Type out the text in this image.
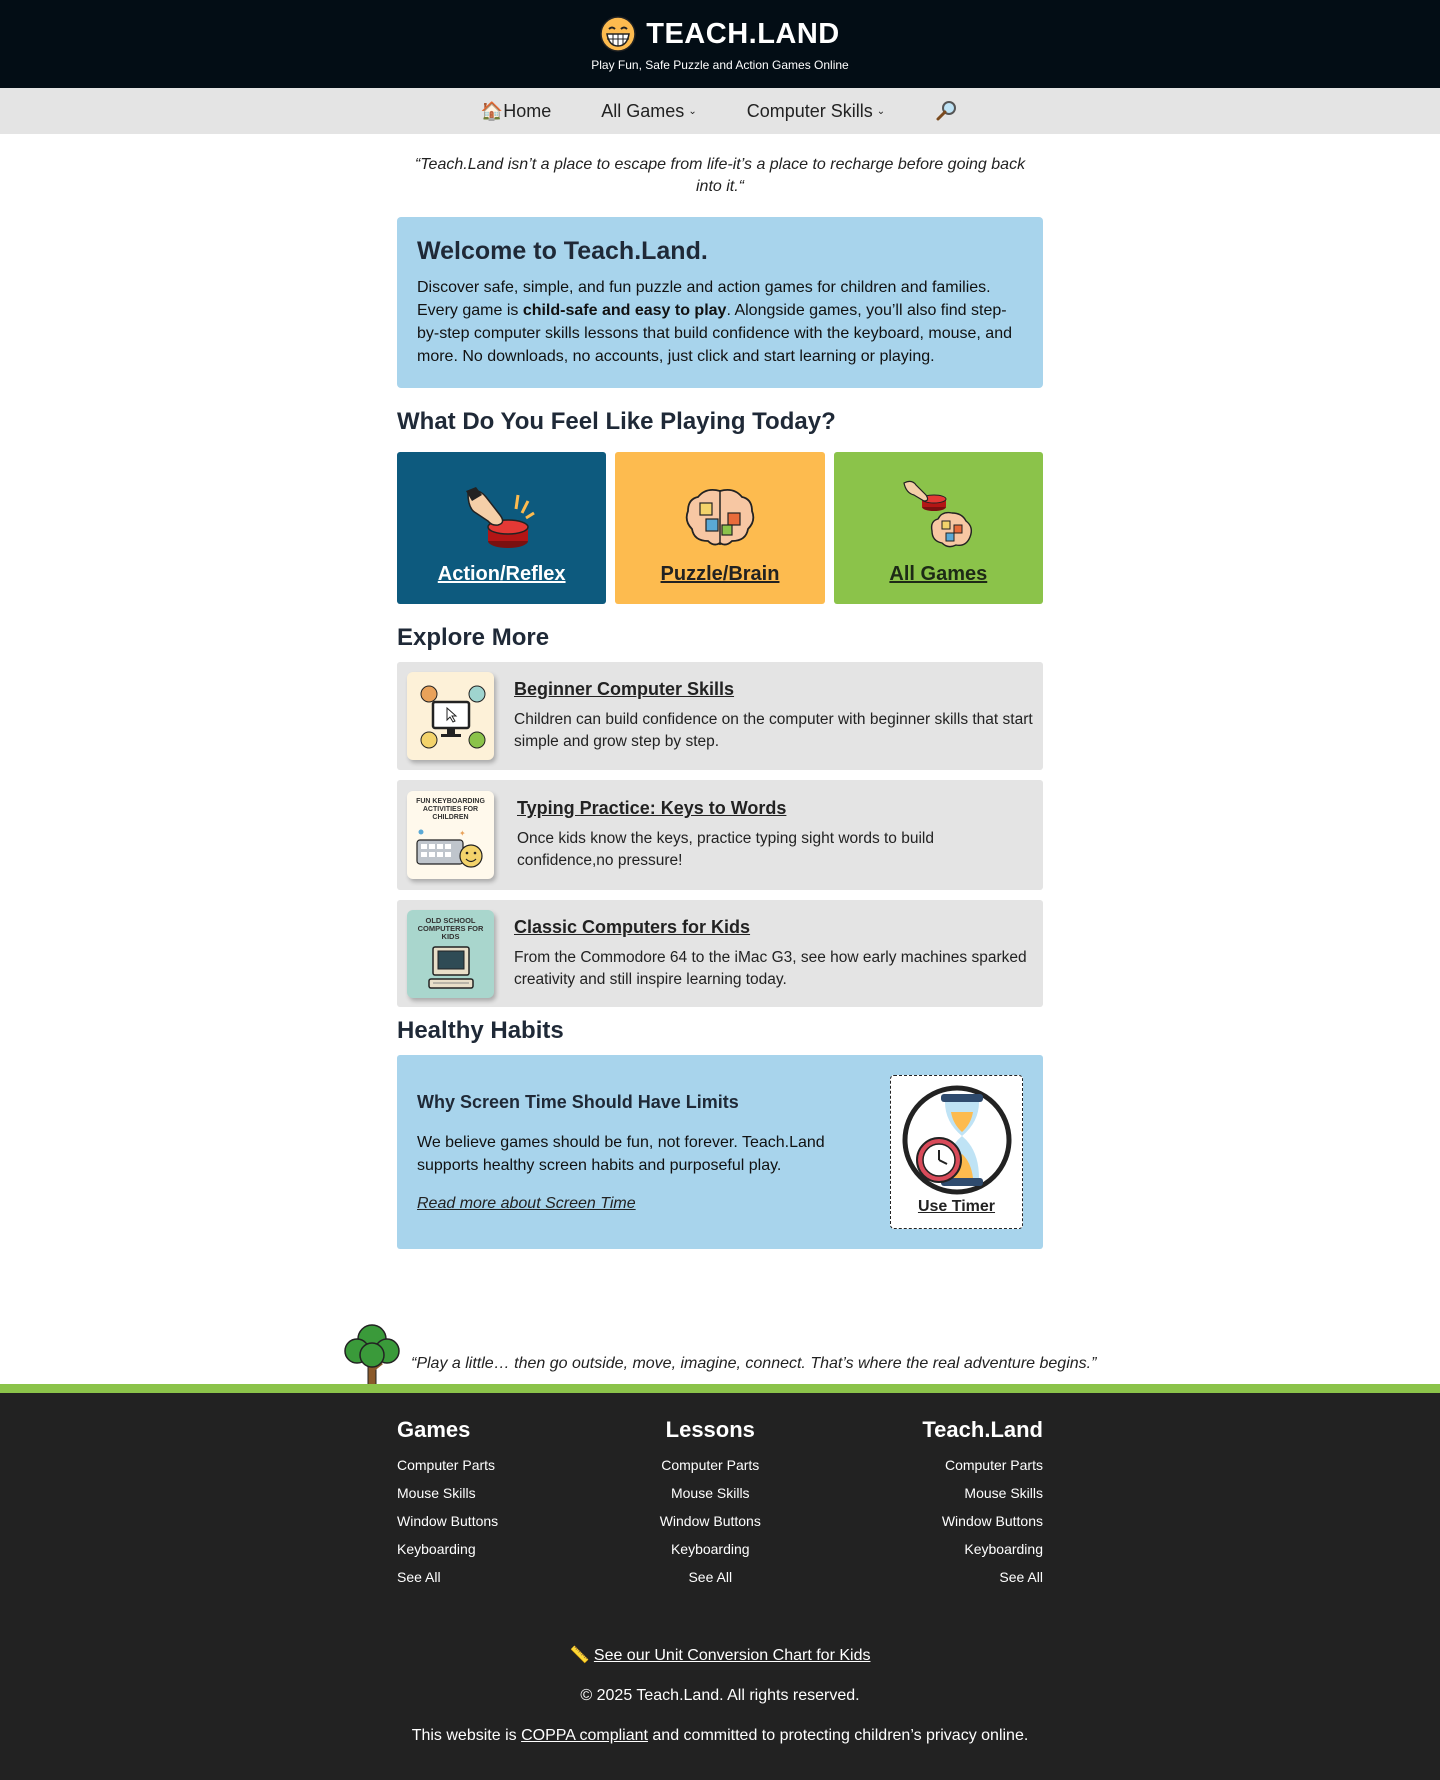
TEACH.LAND
Play Fun, Safe Puzzle and Action Games Online
🏠Home	All Games ⌄	Computer Skills ⌄

“Teach.Land isn’t a place to escape from life-it’s a place to recharge before going back into it.“

Welcome to Teach.Land.

Discover safe, simple, and fun puzzle and action games for children and families. Every game is child-safe and easy to play. Alongside games, you’ll also find step-by-step computer skills lessons that build confidence with the keyboard, mouse, and more. No downloads, no accounts, just click and start learning or playing.

What Do You Feel Like Playing Today?
Action/Reflex	Puzzle/Brain	All Games
Explore More
Beginner Computer Skills

Children can build confidence on the computer with beginner skills that start simple and grow step by step.

FUN KEYBOARDING ACTIVITIES FOR CHILDREN
✦
Typing Practice: Keys to Words

Once kids know the keys, practice typing sight words to build confidence,no pressure!

OLD SCHOOL COMPUTERS FOR KIDS	Classic Computers for Kids

From the Commodore 64 to the iMac G3, see how early machines sparked creativity and still inspire learning today.

Healthy Habits
Why Screen Time Should Have Limits

We believe games should be fun, not forever. Teach.Land supports healthy screen habits and purposeful play.

Read more about Screen Time	Use Timer
“Play a little… then go outside, move, imagine, connect. That’s where the real adventure begins.”
Games
Computer Parts
Mouse Skills
Window Buttons
Keyboarding
See All
Lessons
Computer Parts
Mouse Skills
Window Buttons
Keyboarding
See All
Teach.Land
Computer Parts
Mouse Skills
Window Buttons
Keyboarding
See All
📏 See our Unit Conversion Chart for Kids
© 2025 Teach.Land. All rights reserved.
This website is COPPA compliant and committed to protecting children’s privacy online.
